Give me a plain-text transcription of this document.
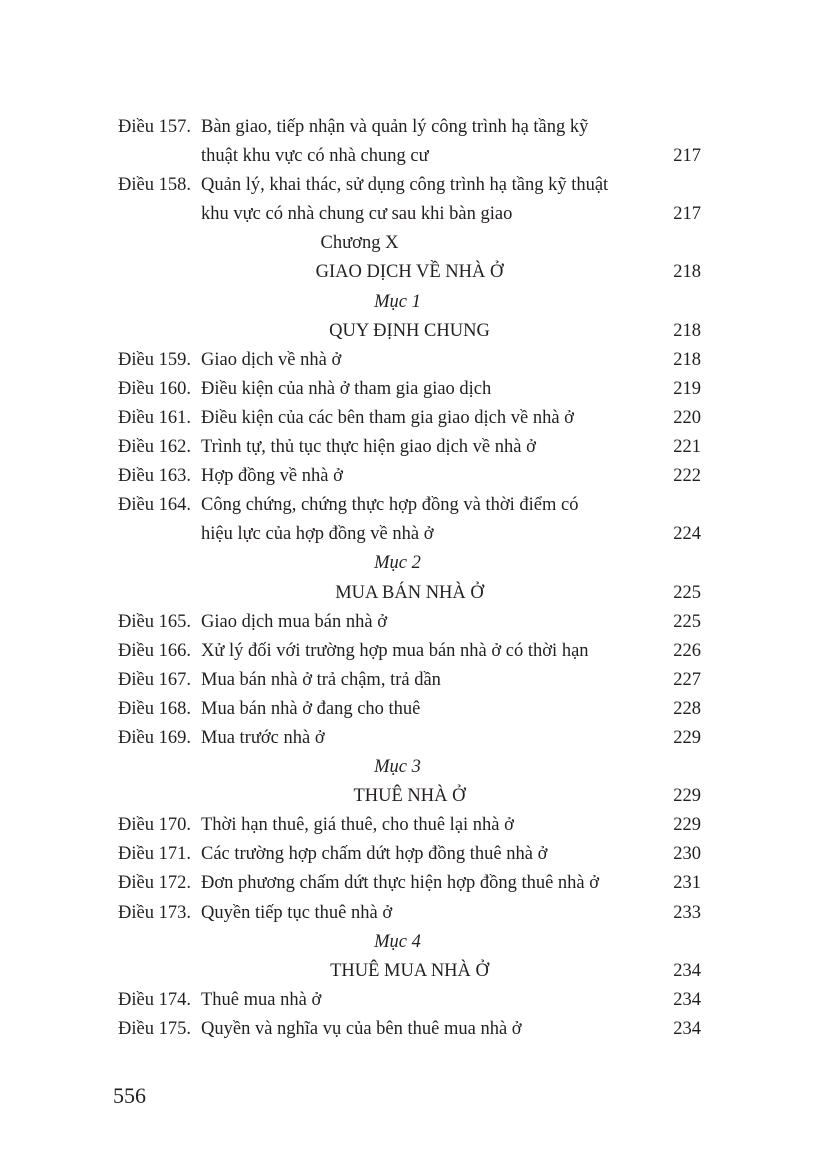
Điều 157. Bàn giao, tiếp nhận và quản lý công trình hạ tầng kỹ
thuật khu vực có nhà chung cư	217
Điều 158. Quản lý, khai thác, sử dụng công trình hạ tầng kỹ thuật
khu vực có nhà chung cư sau khi bàn giao	217
Chương X
GIAO DỊCH VỀ NHÀ Ở	218
Mục 1
QUY ĐỊNH CHUNG	218
Điều 159. Giao dịch về nhà ở	218
Điều 160. Điều kiện của nhà ở tham gia giao dịch	219
Điều 161. Điều kiện của các bên tham gia giao dịch về nhà ở	220
Điều 162. Trình tự, thủ tục thực hiện giao dịch về nhà ở	221
Điều 163. Hợp đồng về nhà ở	222
Điều 164. Công chứng, chứng thực hợp đồng và thời điểm có
hiệu lực của hợp đồng về nhà ở	224
Mục 2
MUA BÁN NHÀ Ở	225
Điều 165. Giao dịch mua bán nhà ở	225
Điều 166. Xử lý đối với trường hợp mua bán nhà ở có thời hạn	226
Điều 167. Mua bán nhà ở trả chậm, trả dần	227
Điều 168. Mua bán nhà ở đang cho thuê	228
Điều 169. Mua trước nhà ở	229
Mục 3
THUÊ NHÀ Ở	229
Điều 170. Thời hạn thuê, giá thuê, cho thuê lại nhà ở	229
Điều 171. Các trường hợp chấm dứt hợp đồng thuê nhà ở	230
Điều 172. Đơn phương chấm dứt thực hiện hợp đồng thuê nhà ở	231
Điều 173. Quyền tiếp tục thuê nhà ở	233
Mục 4
THUÊ MUA NHÀ Ở	234
Điều 174. Thuê mua nhà ở	234
Điều 175. Quyền và nghĩa vụ của bên thuê mua nhà ở	234
556
